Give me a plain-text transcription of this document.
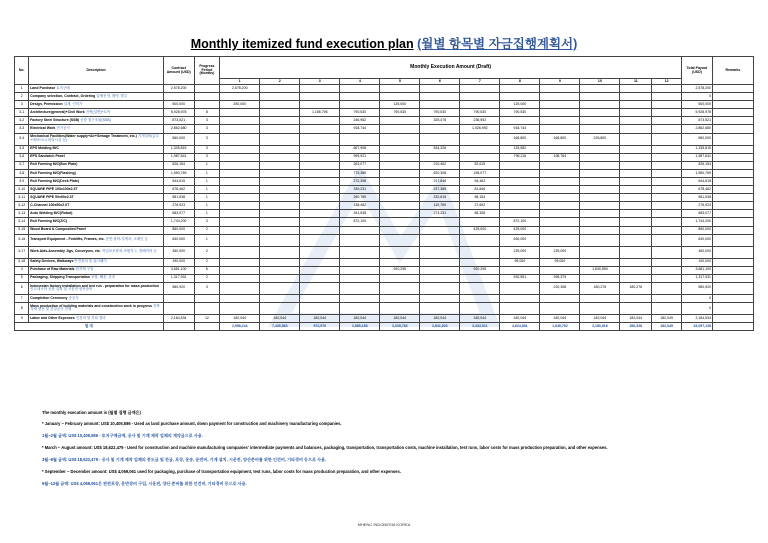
Monthly itemized fund execution plan (월별 항목별 자금집행계획서)
No.	Description	Contract Amount (USD)	Progress Period (Months)	Monthly Execution Amount (Draft)												Total Payout (USD)	Remarks
				1	2	3	4	5	6	7	8	9	10	11	12		
1	Land Purchase 토지구매	2,578,200		2,578,200												2,578,200	
2	Company selection, Contract, Ordering 업체선정, 계약, 발주															0	
3	Design, Permission 설계, 인허가	500,000		250,000				125,000			125,000					500,000	
3-1	Architecture(general)+Civil Work 건축(일반)+토목	5,928,978	8			1,185,796	790,530	790,530	790,530	790,530	790,530					5,928,978	
3-2	Factory Steel Structure (SSB) 공장 철구조물(SSB)	873,521	3				246,962		325,476	236,952						873,521	
3-3	Electrical Work 전기공사	2,862,680	3				918,744			1,026,992	918,744					2,862,680	
3-4	Mechanical Facilities(Water supply+Air+Sewage Treatment, etc.) 기계설비(급수+에어+오수처리시설 등)	560,000	3								166,800	166,800	226,800			560,000	
3-5	EPS Molding M/C	1,335,815	3				667,908		534,326		133,582					1,335,815	
3-6	EPS Sandwich Panel	1,987,641	3				995,921				795,116	198,764				1,987,641	
3-7	Roll Forming M/C(Box Plate)	526,154	1				263,077		210,462	52,615						526,154	
3-8	Roll Forming M/C(Flashing)	1,550,769	1				775,385		620,308	155,077						1,550,769	
3-9	Roll Forming M/C(Deck Plate)	544,615	1				272,308		217,846	54,462						544,615	
3-10	SQUARE PIPE 100x100x2.3T	678,462	1				339,231		237,385	81,846						678,462	
3-11	SQUARE PIPE 50x50x2.3T	581,538	1				290,769		232,615	58,154						581,538	
3-12	C-Channel 100x50x2.0T	276,923	1				138,462		110,769	27,692						276,923	
3-13	Auto Welding M/C(Robot)	683,077	1				341,538		273,231	68,308						683,077	
3-14	Roll Forming M/C(Z/C)	1,744,200	3				872,100				872,100					1,744,200	
3-15	Wood Board & Composited Panel	850,000	2							425,000	425,000					850,000	
3-16	Transport Equipment - Forklifts, Frames, etc. 운반 장비-지게차, 크레인 등	630,000	1								630,000					630,000	
3-17	Work Aids-Assembly Jigs, Conveyors, etc. 작업보조장치-조립지그, 컨베이어 등	450,000	2								225,000	225,000				450,000	
3-18	Safety Devices, Walkways 안전장치 및 워크웨이	190,000	2								95,000	95,000				190,000	
4	Purchase of Raw Materials 원자재 구입	3,681,100	6					920,295		920,295			1,840,590			3,681,100	
5	Packaging, Shipping Transportation 포장, 해운, 운송	1,317,931	2								932,551	395,379				1,317,931	
6	Indonesian factory installation and test run - preparation for mass production 인도네시아 공장 설치 및 시운전 양산준비	580,920	3									220,308	180,276	180,276		580,920	
7	Completion Ceremony 준공식															0	
8	Mass production of building materials and construction work in progress 건축자재 양산 및 건설공사 진행															0	
9	Labor and Other Expenses 인건비 및 기타 경비	2,184,534	12	182,044	182,044	182,044	182,044	182,044	182,044	182,044	182,044	182,044	182,044	182,044	182,049	2,184,534	
합 계				2,958,244	7,435,563	972,570	2,885,189	3,335,763	2,641,620	3,333,511	4,624,891	1,545,792	2,180,916	350,328	182,049	33,097,128	
The monthly execution amount is (월별 집행 금액은)
* January ~ February amount: US$ 10,405,586 - Used as land purchase amount, down payment for construction and machinery manufacturing companies.
1월~2월 금액: US$ 10,405,586 - 토지구매금액, 공사 및 기계 제작 업체의 계약금으로 사용.
* March ~ August amount: US$ 18,622,479 - Used for construction and machine manufacturing companies' intermediate payments and balances, packaging, transportation, transportation costs, machine installation, test runs, labor costs for mass production preparation, and other expenses.
3월~8월 금액: US$ 18,622,479 - 공사 및 기계 제작 업체의 중도금 및 잔금, 포장, 운송, 운반비, 기계 설치, 시운전, 양산준비를 위한 인건비, 기타경비 등으로 사용.
* September ~ December amount: US$ 4,069,061 used for packaging, purchase of transportation equipment, test runs, labor costs for mass production preparation, and other expenses.
9월~12월 금액: US$ 4,069,061은 완전포장, 운반장비 구입, 시운전, 양산 준비를 위한 인건비, 기타경비 등으로 사용.
MHENC INDONESIA KOREA
